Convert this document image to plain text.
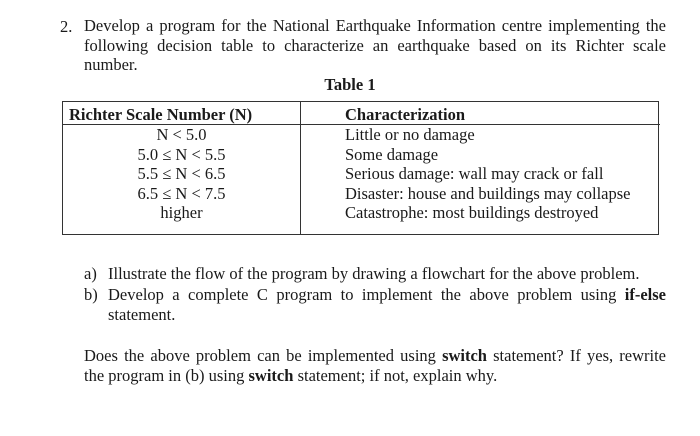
2. Develop a program for the National Earthquake Information centre implementing the
following decision table to characterize an earthquake based on its Richter scale
number.
Table 1
Richter Scale Number (N)
N < 5.0
5.0 ≤ N < 5.5
5.5 ≤ N < 6.5
6.5 ≤ N < 7.5
higher
Characterization
Little or no damage
Some damage
Serious damage: wall may crack or fall
Disaster: house and buildings may collapse
Catastrophe: most buildings destroyed
a) Illustrate the flow of the program by drawing a flowchart for the above problem.
b) Develop a complete C program to implement the above problem using if-else
statement.
Does the above problem can be implemented using switch statement? If yes, rewrite
the program in (b) using switch statement; if not, explain why.
